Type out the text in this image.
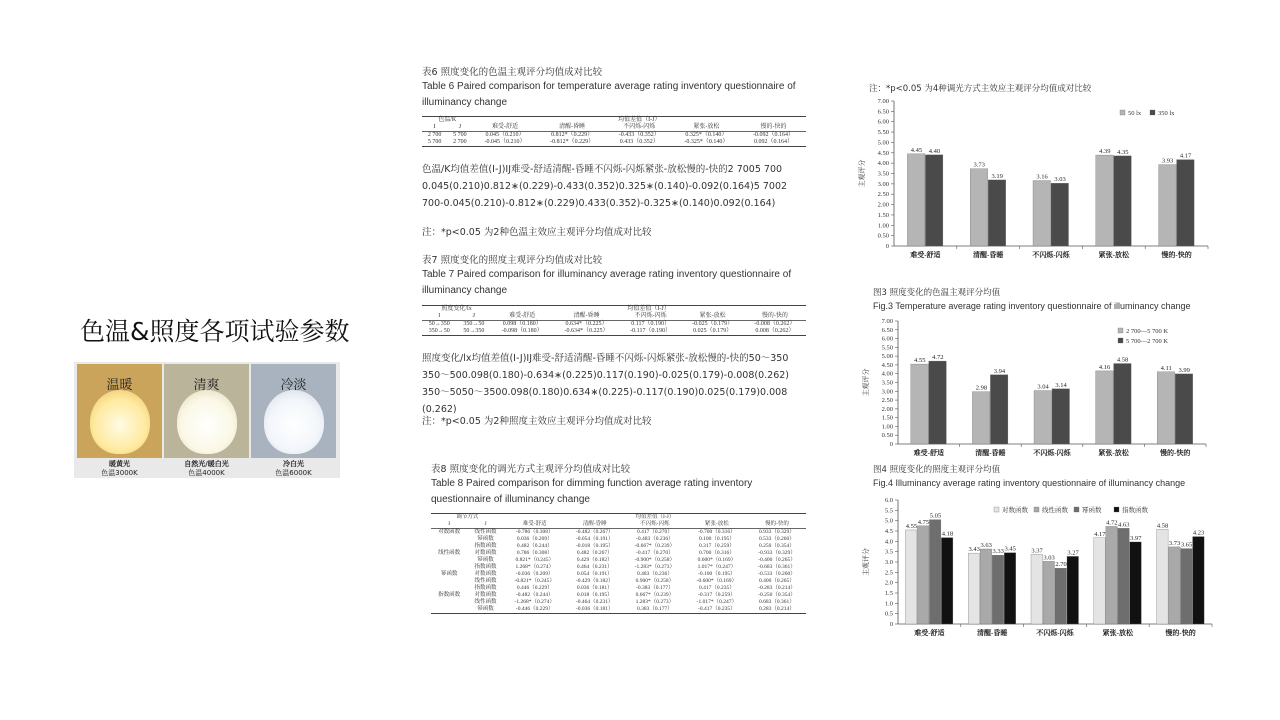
色温&照度各项试验参数
温暖	清爽	冷淡
暖黄光
色温3000K
自然光/暖白光
色温4000K
冷白光
色温6000K
表6 照度变化的色温主观评分均值成对比较
Table 6 Paired comparison for temperature average rating inventory questionnaire of illuminancy change
色温/K		均值差值（I-J）				
I	J	难受-舒适	清醒-昏睡	不闪烁-闪烁	紧张-放松	慢的-快的
2 700	5 700	0.045（0.210）	0.812*（0.229）	-0.433（0.352）	0.325*（0.140）	-0.092（0.164）
5 700	2 700	-0.045（0.210）	-0.812*（0.229）	0.433（0.352）	-0.325*（0.140）	0.092（0.164）
色温/K均值差值(I-J)IJ难受-舒适清醒-昏睡不闪烁-闪烁紧张-放松慢的-快的2 7005 7000.045(0.210)0.812∗(0.229)-0.433(0.352)0.325∗(0.140)-0.092(0.164)5 7002 700-0.045(0.210)-0.812∗(0.229)0.433(0.352)-0.325∗(0.140)0.092(0.164)
注：*p<0.05 为2种色温主效应主观评分均值成对比较
表7 照度变化的照度主观评分均值成对比较
Table 7 Paired comparison for illuminancy average rating inventory questionnaire of illuminancy change
照度变化/lx		均值差值（I-J）				
I	J	难受-舒适	清醒-昏睡	不闪烁-闪烁	紧张-放松	慢的-快的
50→350	350→50	0.098（0.180）	0.634*（0.225）	0.117（0.190）	-0.025（0.179）	-0.008（0.262）
350→50	50→350	-0.098（0.180）	-0.634*（0.225）	-0.117（0.190）	0.025（0.179）	0.008（0.262）
照度变化/lx均值差值(I-J)IJ难受-舒适清醒-昏睡不闪烁-闪烁紧张-放松慢的-快的50～350350～500.098(0.180)-0.634∗(0.225)0.117(0.190)-0.025(0.179)-0.008(0.262)350～5050～3500.098(0.180)0.634∗(0.225)-0.117(0.190)0.025(0.179)0.008(0.262)
注：*p<0.05 为2种照度主效应主观评分均值成对比较
表8 照度变化的调光方式主观评分均值成对比较
Table 8 Paired comparison for dimming function average rating inventory questionnaire of illuminancy change
调节方式		均值差值（I-J）				
I	J	难受-舒适	清醒-昏睡	不闪烁-闪烁	紧张-放松	慢的-快的
对数函数	线性函数	-0.786（0.308）	-0.482（0.267）	0.417（0.270）	-0.700（0.316）	0.933（0.329）
	幂函数	0.036（0.209）	-0.054（0.191）	-0.483（0.236）	0.100（0.195）	0.533（0.260）
	指数函数	0.482（0.244）	-0.018（0.195）	-0.667*（0.239）	0.317（0.259）	0.250（0.354）
线性函数	对数函数	0.786（0.308）	0.482（0.267）	-0.417（0.270）	0.700（0.316）	-0.933（0.329）
	幂函数	0.821*（0.245）	0.429（0.182）	-0.900*（0.258）	0.600*（0.169）	-0.400（0.265）
	指数函数	1.268*（0.274）	0.464（0.231）	-1.283*（0.273）	1.017*（0.247）	-0.683（0.361）
幂函数	对数函数	-0.036（0.209）	0.054（0.191）	0.483（0.236）	-0.100（0.195）	-0.533（0.260）
	线性函数	-0.821*（0.245）	-0.429（0.182）	0.900*（0.258）	-0.600*（0.169）	0.400（0.265）
	指数函数	0.446（0.229）	0.036（0.181）	-0.383（0.177）	0.417（0.235）	-0.283（0.214）
指数函数	对数函数	-0.482（0.244）	0.018（0.195）	0.667*（0.239）	-0.317（0.259）	-0.250（0.354）
	线性函数	-1.268*（0.274）	-0.464（0.231）	1.283*（0.273）	-1.017*（0.247）	0.683（0.361）
	幂函数	-0.446（0.229）	-0.036（0.181）	0.383（0.177）	-0.417（0.235）	0.283（0.214）
注：*p<0.05 为4种调光方式主效应主观评分均值成对比较
0
0.50
1.00
1.50
2.00
2.50
3.00
3.50
4.00
4.50
5.00
5.50
6.00
6.50
7.00
主观评分
难受-舒适
4.45 4.40
清醒-昏睡
3.73
3.19
不闪烁-闪烁
3.16 3.03
紧张-放松
4.39 4.35
慢的-快的
3.93
4.17
50 lx	350 lx
图3 照度变化的色温主观评分均值
Fig.3 Temperature average rating inventory questionnaire of illuminancy change
0
0.50
1.00
1.50
2.00
2.50
3.00
3.50
4.00
4.50
5.00
5.50
6.00
6.50
7.00
主观评分
难受-舒适
4.55 4.72
清醒-昏睡
2.98
3.94
不闪烁-闪烁
3.04 3.14
紧张-放松
4.16
4.58
慢的-快的
4.11 3.99
2 700—5 700 K
5 700—2 700 K
图4 照度变化的照度主观评分均值
Fig.4 Illuminancy average rating inventory questionnaire of illuminancy change
0
0.5
1.0
1.5
2.0
2.5
3.0
3.5
4.0
4.5
5.0
5.5
6.0
主观评分
难受-舒适
4.55
4.75
5.05
4.18
清醒-昏睡
3.43
3.63
3.33 3.45
不闪烁-闪烁
3.37
3.03
2.70
3.27
紧张-放松
4.17
4.72 4.63
3.97
慢的-快的
4.58
3.73 3.65
4.23
对数函数 线性函数 幂函数	指数函数
